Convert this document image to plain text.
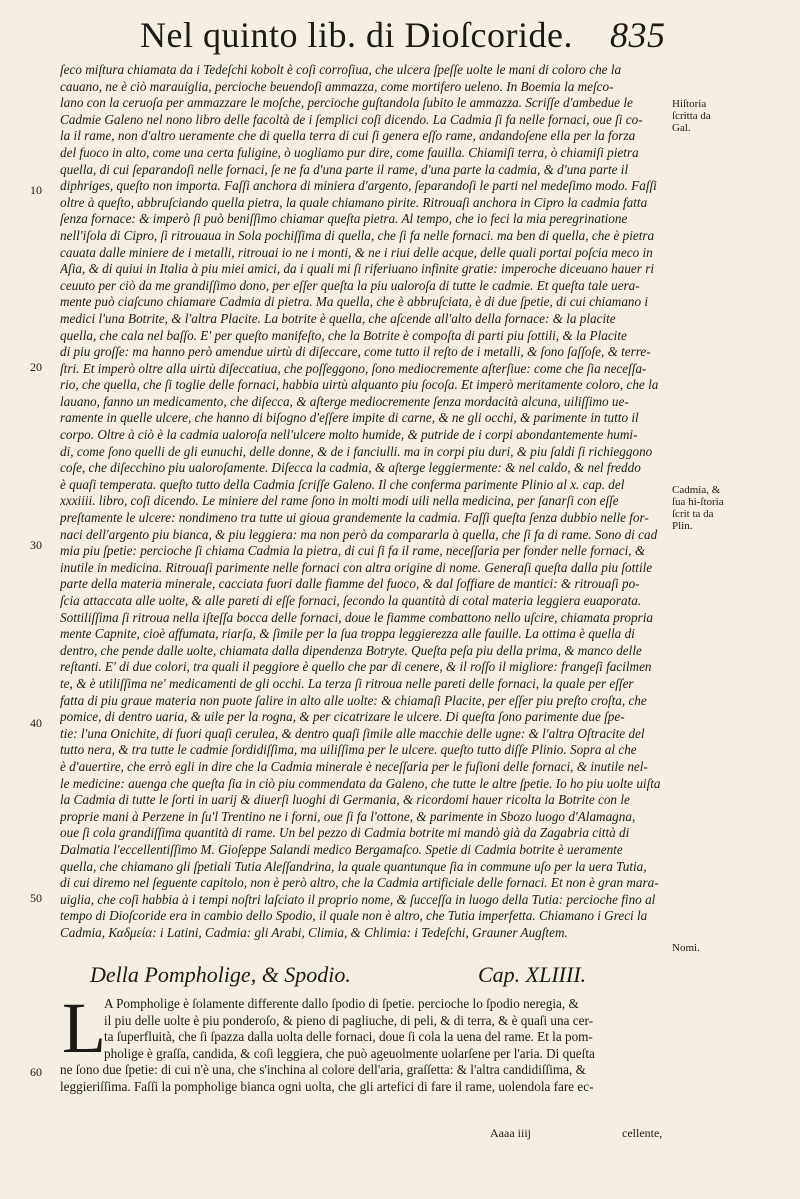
Nel quinto lib. di Dioſcoride. 835
ſeco miſtura chiamata da i Tedeſchi kobolt è coſi corroſiua, che ulcera ſpeſſe uolte le mani di coloro che la
cauano, ne è ciò marauiglia, percioche beuendoſi ammazza, come mortifero ueleno. In Boemia la meſco-
lano con la ceruoſa per ammazzare le moſche, percioche guſtandola ſubito le ammazza. Scriſſe d'ambedue le
Cadmie Galeno nel nono libro delle facoltà de i ſemplici coſi dicendo. La Cadmia ſi fa nelle fornaci, oue ſi co-
la il rame, non d'altro ueramente che di quella terra di cui ſi genera eſſo rame, andandoſene ella per la forza
del fuoco in alto, come una certa fuligine, ò uogliamo pur dire, come fauilla. Chiamiſi terra, ò chiamiſi pietra
quella, di cui ſeparandoſi nelle fornaci, ſe ne fa d'una parte il rame, d'una parte la cadmia, & d'una parte il
diphriges, queſto non importa. Faſſi anchora di miniera d'argento, ſeparandoſi le parti nel medeſimo modo. Faſſi
oltre à queſto, abbruſciando quella pietra, la quale chiamano pirite. Ritrouaſi anchora in Cipro la cadmia fatta
ſenza fornace: & imperò ſi può beniſſimo chiamar queſta pietra. Al tempo, che io feci la mia peregrinatione
nell'iſola di Cipro, ſi ritrouaua in Sola pochiſſima di quella, che ſi fa nelle fornaci. ma ben di quella, che è pietra
cauata dalle miniere de i metalli, ritrouai io ne i monti, & ne i riui delle acque, delle quali portai poſcia meco in
Aſia, & di quiui in Italia à piu miei amici, da i quali mi ſi riferiuano infinite gratie: imperoche diceuano hauer ri
ceuuto per ciò da me grandiſſimo dono, per eſſer queſta la piu ualoroſa di tutte le cadmie. Et queſta tale uera-
mente può ciaſcuno chiamare Cadmia di pietra. Ma quella, che è abbruſciata, è di due ſpetie, di cui chiamano i
medici l'una Botrite, & l'altra Placite. La botrite è quella, che aſcende all'alto della fornace: & la placite
quella, che cala nel baſſo. E' per queſto manifeſto, che la Botrite è compoſta di parti piu ſottili, & la Placite
di piu groſſe: ma hanno però amendue uirtù di diſeccare, come tutto il reſto de i metalli, & ſono ſaſſoſe, & terre-
ſtri. Et imperò oltre alla uirtù diſeccatiua, che poſſeggono, ſono mediocremente aſterſiue: come che ſia neceſſa-
rio, che quella, che ſi toglie delle fornaci, habbia uirtù alquanto piu ſocoſa. Et imperò meritamente coloro, che la
lauano, fanno un medicamento, che diſecca, & aſterge mediocremente ſenza mordacità alcuna, uiliſſimo ue-
ramente in quelle ulcere, che hanno di biſogno d'eſſere impite di carne, & ne gli occhi, & parimente in tutto il
corpo. Oltre à ciò è la cadmia ualoroſa nell'ulcere molto humide, & putride de i corpi abondantemente humi-
di, come ſono quelli de gli eunuchi, delle donne, & de i fanciulli. ma in corpi piu duri, & piu ſaldi ſi richieggono
coſe, che diſecchino piu ualoroſamente. Diſecca la cadmia, & aſterge leggiermente: & nel caldo, & nel freddo
è quaſi temperata. queſto tutto della Cadmia ſcriſſe Galeno. Il che conferma parimente Plinio al x. cap. del
xxxiiii. libro, coſi dicendo. Le miniere del rame ſono in molti modi uili nella medicina, per ſanarſi con eſſe
preſtamente le ulcere: nondimeno tra tutte ui gioua grandemente la cadmia. Faſſi queſta ſenza dubbio nelle for-
naci dell'argento piu bianca, & piu leggiera: ma non però da compararla à quella, che ſi fa di rame. Sono di cad
mia piu ſpetie: percioche ſi chiama Cadmia la pietra, di cui ſi fa il rame, neceſſaria per fonder nelle fornaci, &
inutile in medicina. Ritrouaſi parimente nelle fornaci con altra origine di nome. Generaſi queſta dalla piu ſottile
parte della materia minerale, cacciata fuori dalle fiamme del fuoco, & dal ſoffiare de mantici: & ritrouaſi po-
ſcia attaccata alle uolte, & alle pareti di eſſe fornaci, ſecondo la quantità di cotal materia leggiera euaporata.
Sottiliſſima ſi ritroua nella iſteſſa bocca delle fornaci, doue le fiamme combattono nello uſcire, chiamata propria
mente Capnite, cioè affumata, riarſa, & ſimile per la ſua troppa leggierezza alle fauille. La ottima è quella di
dentro, che pende dalle uolte, chiamata dalla dipendenza Botryte. Queſta peſa piu della prima, & manco delle
reſtanti. E' di due colori, tra quali il peggiore è quello che par di cenere, & il roſſo il migliore: frangeſi facilmen
te, & è utiliſſima ne' medicamenti de gli occhi. La terza ſi ritroua nelle pareti delle fornaci, la quale per eſſer
fatta di piu graue materia non puote ſalire in alto alle uolte: & chiamaſi Placite, per eſſer piu preſto croſta, che
pomice, di dentro uaria, & uile per la rogna, & per cicatrizare le ulcere. Di queſta ſono parimente due ſpe-
tie: l'una Onichite, di fuori quaſi cerulea, & dentro quaſi ſimile alle macchie delle ugne: & l'altra Oſtracite del
tutto nera, & tra tutte le cadmie ſordidiſſima, ma uiliſſima per le ulcere. queſto tutto diſſe Plinio. Sopra al che
è d'auertire, che errò egli in dire che la Cadmia minerale è neceſſaria per le fuſioni delle fornaci, & inutile nel-
le medicine: auenga che queſta ſia in ciò piu commendata da Galeno, che tutte le altre ſpetie. Io ho piu uolte uiſta
la Cadmia di tutte le ſorti in uarij & diuerſi luoghi di Germania, & ricordomi hauer ricolta la Botrite con le
proprie mani à Perzene in ſu'l Trentino ne i forni, oue ſi fa l'ottone, & parimente in Sbozo luogo d'Alamagna,
oue ſi cola grandiſſima quantità di rame. Un bel pezzo di Cadmia botrite mi mandò già da Zagabria città di
Dalmatia l'eccellentiſſimo M. Gioſeppe Salandi medico Bergamaſco. Spetie di Cadmia botrite è ueramente
quella, che chiamano gli ſpetiali Tutia Aleſſandrina, la quale quantunque ſia in commune uſo per la uera Tutia,
di cui diremo nel ſeguente capitolo, non è però altro, che la Cadmia artificiale delle fornaci. Et non è gran mara-
uiglia, che coſi habbia à i tempi noſtri laſciato il proprio nome, & ſucceſſa in luogo della Tutia: percioche fino al
tempo di Dioſcoride era in cambio dello Spodio, il quale non è altro, che Tutia imperfetta. Chiamano i Greci la
Cadmia, Καδμεία: i Latini, Cadmia: gli Arabi, Climia, & Chlimia: i Tedeſchi, Grauner Augſtem.
10
20
30
40
50
60
Hiſtoria ſcritta da Gal.
Cadmia, & ſua hi-ſtoria ſcrit ta da Plin.
Nomi.
Della Pompholige, & Spodio.	Cap. XLIIII.
L
A Pompholige è ſolamente differente dallo ſpodio di ſpetie. percioche lo ſpodio neregia, &
il piu delle uolte è piu ponderoſo, & pieno di pagliuche, di peli, & di terra, & è quaſi una cer-
ta ſuperfluità, che ſi ſpazza dalla uolta delle fornaci, doue ſi cola la uena del rame. Et la pom-
pholige è graſſa, candida, & coſi leggiera, che può ageuolmente uolarſene per l'aria. Di queſta
ne ſono due ſpetie: di cui n'è una, che s'inchina al colore dell'aria, graſſetta: & l'altra candidiſſima, &
leggieriſſima. Faſſi la pompholige bianca ogni uolta, che gli artefici di fare il rame, uolendola fare ec-
Aaaa iiij	cellente,
